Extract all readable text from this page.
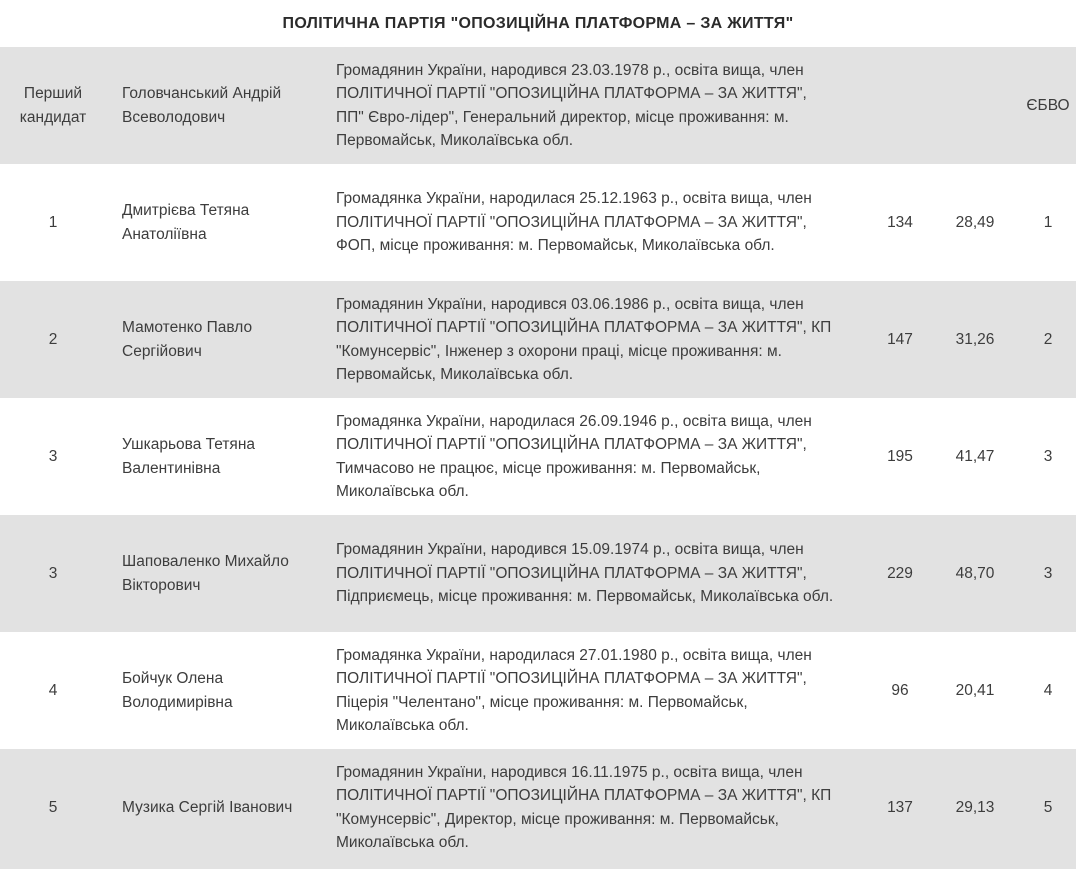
ПОЛІТИЧНА ПАРТІЯ "ОПОЗИЦІЙНА ПЛАТФОРМА – ЗА ЖИТТЯ"
Перший кандидат	Головчанський Андрій Всеволодович	Громадянин України, народився 23.03.1978 р., освіта вища, член ПОЛІТИЧНОЇ ПАРТІЇ "ОПОЗИЦІЙНА ПЛАТФОРМА – ЗА ЖИТТЯ", ПП" Євро-лідер", Генеральний директор, місце проживання: м. Первомайськ, Миколаївська обл.			ЄБВО
1	Дмитрієва Тетяна Анатоліївна	Громадянка України, народилася 25.12.1963 р., освіта вища, член ПОЛІТИЧНОЇ ПАРТІЇ "ОПОЗИЦІЙНА ПЛАТФОРМА – ЗА ЖИТТЯ", ФОП, місце проживання: м. Первомайськ, Миколаївська обл.	134	28,49	1
2	Мамотенко Павло Сергійович	Громадянин України, народився 03.06.1986 р., освіта вища, член ПОЛІТИЧНОЇ ПАРТІЇ "ОПОЗИЦІЙНА ПЛАТФОРМА – ЗА ЖИТТЯ", КП "Комунсервіс", Інженер з охорони праці, місце проживання: м. Первомайськ, Миколаївська обл.	147	31,26	2
3	Ушкарьова Тетяна Валентинівна	Громадянка України, народилася 26.09.1946 р., освіта вища, член ПОЛІТИЧНОЇ ПАРТІЇ "ОПОЗИЦІЙНА ПЛАТФОРМА – ЗА ЖИТТЯ", Тимчасово не працює, місце проживання: м. Первомайськ, Миколаївська обл.	195	41,47	3
3	Шаповаленко Михайло Вікторович	Громадянин України, народився 15.09.1974 р., освіта вища, член ПОЛІТИЧНОЇ ПАРТІЇ "ОПОЗИЦІЙНА ПЛАТФОРМА – ЗА ЖИТТЯ", Підприємець, місце проживання: м. Первомайськ, Миколаївська обл.	229	48,70	3
4	Бойчук Олена Володимирівна	Громадянка України, народилася 27.01.1980 р., освіта вища, член ПОЛІТИЧНОЇ ПАРТІЇ "ОПОЗИЦІЙНА ПЛАТФОРМА – ЗА ЖИТТЯ", Піцерія "Челентано", місце проживання: м. Первомайськ, Миколаївська обл.	96	20,41	4
5	Музика Сергій Іванович	Громадянин України, народився 16.11.1975 р., освіта вища, член ПОЛІТИЧНОЇ ПАРТІЇ "ОПОЗИЦІЙНА ПЛАТФОРМА – ЗА ЖИТТЯ", КП "Комунсервіс", Директор, місце проживання: м. Первомайськ, Миколаївська обл.	137	29,13	5
